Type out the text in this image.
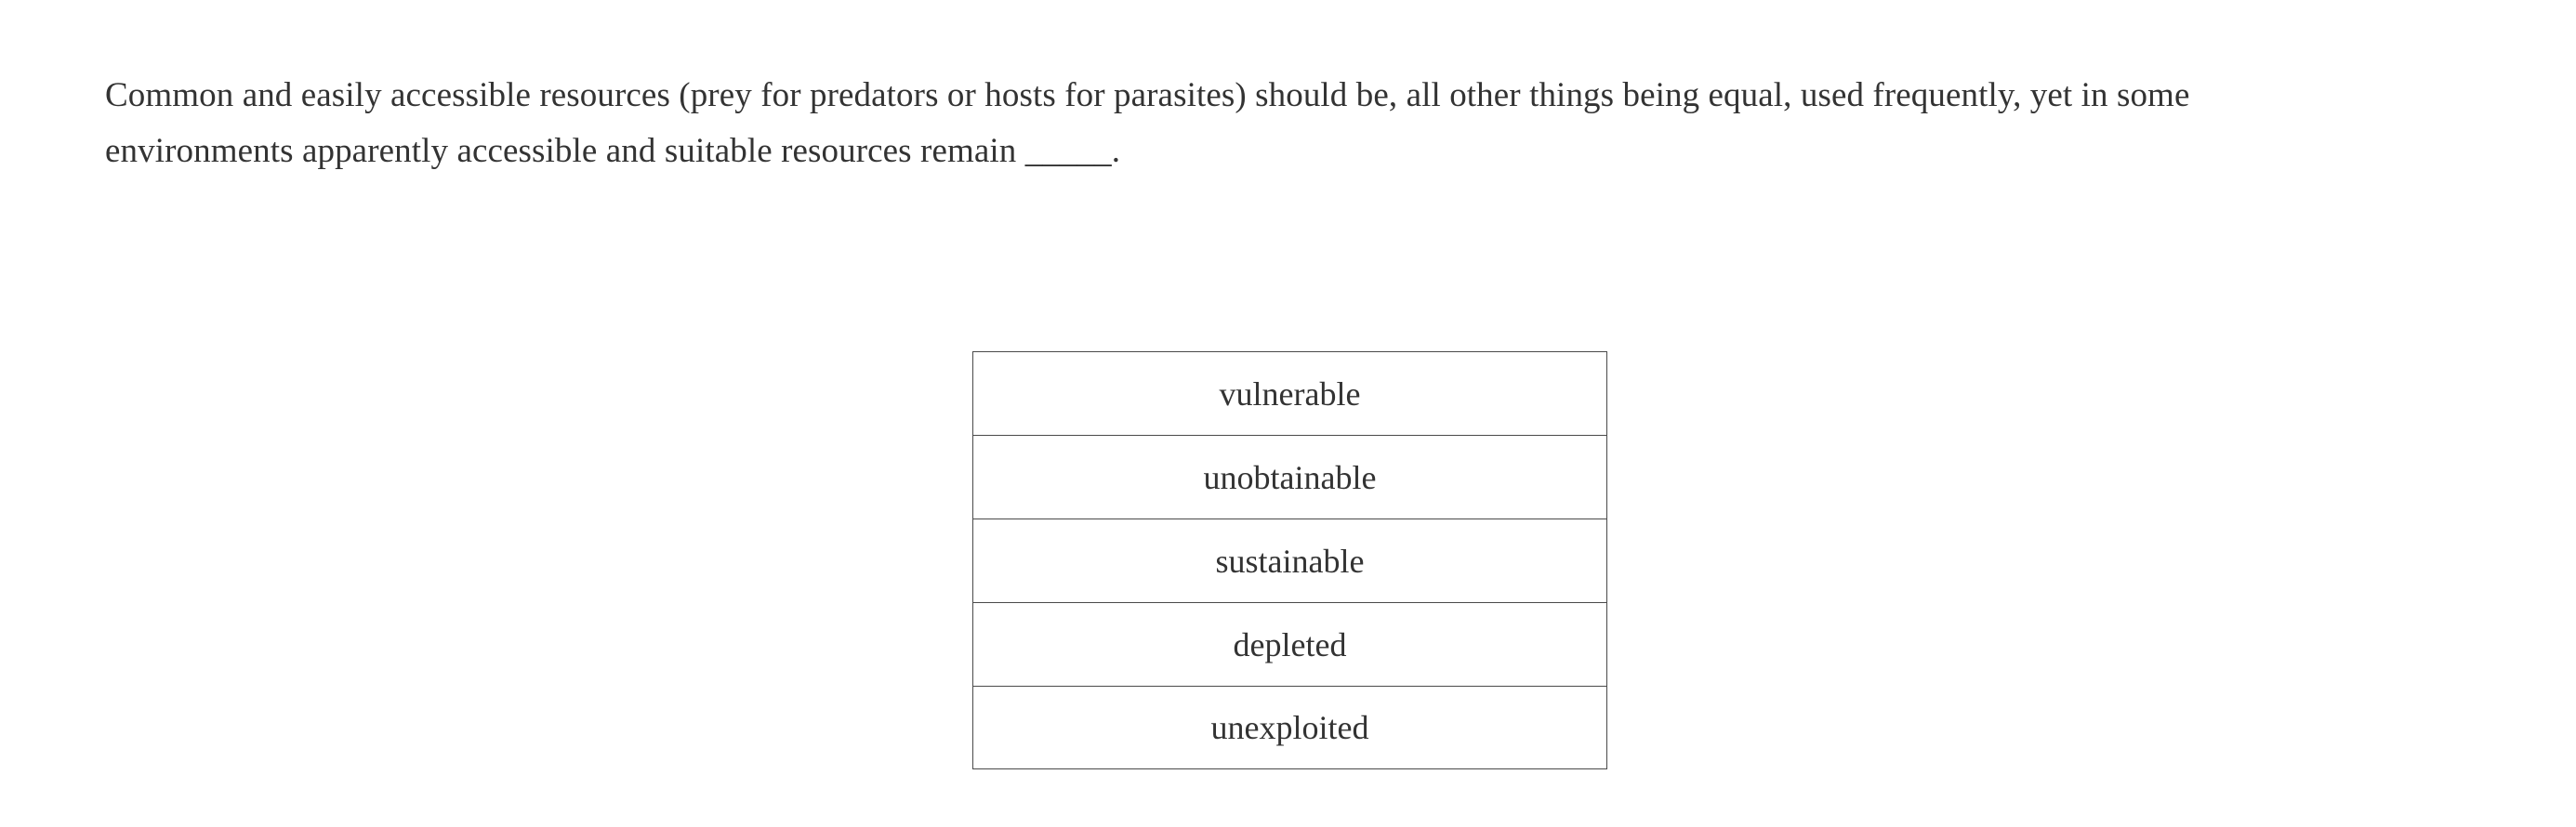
Common and easily accessible resources (prey for predators or hosts for parasites) should be, all other things being equal, used frequently, yet in some environments apparently accessible and suitable resources remain _____.

vulnerable
unobtainable
sustainable
depleted
unexploited
